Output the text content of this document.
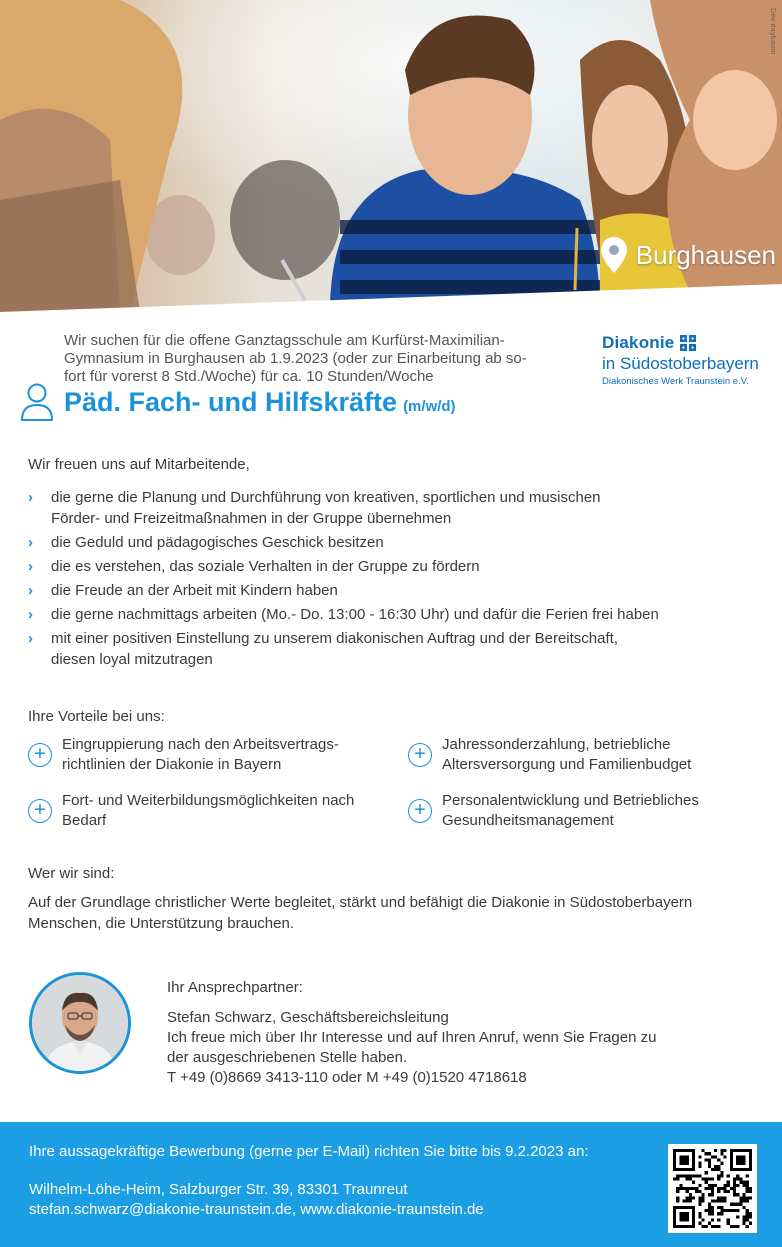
Dev daybaum
Burghausen
Wir suchen für die offene Ganztagsschule am Kurfürst-Maximilian-
Gymnasium in Burghausen ab 1.9.2023 (oder zur Einarbeitung ab so-
fort für vorerst 8 Std./Woche) für ca. 10 Stunden/Woche
Diakonie
in Südostoberbayern
Diakonisches Werk Traunstein e.V.
Päd. Fach- und Hilfskräfte (m/w/d)
Wir freuen uns auf Mitarbeitende,
› die gerne die Planung und Durchführung von kreativen, sportlichen und musischen
Förder- und Freizeitmaßnahmen in der Gruppe übernehmen
› die Geduld und pädagogisches Geschick besitzen
› die es verstehen, das soziale Verhalten in der Gruppe zu fördern
› die Freude an der Arbeit mit Kindern haben
› die gerne nachmittags arbeiten (Mo.- Do. 13:00 - 16:30 Uhr) und dafür die Ferien frei haben
› mit einer positiven Einstellung zu unserem diakonischen Auftrag und der Bereitschaft,
diesen loyal mitzutragen
Ihre Vorteile bei uns:
+	Eingruppierung nach den Arbeitsvertrags-
richtlinien der Diakonie in Bayern	+	Jahressonderzahlung, betriebliche
Altersversorgung und Familienbudget
+	Fort- und Weiterbildungsmöglichkeiten nach
Bedarf	+	Personalentwicklung und Betriebliches
Gesundheitsmanagement
Wer wir sind:
Auf der Grundlage christlicher Werte begleitet, stärkt und befähigt die Diakonie in Südostoberbayern
Menschen, die Unterstützung brauchen.
Ihr Ansprechpartner:
Stefan Schwarz, Geschäftsbereichsleitung
Ich freue mich über Ihr Interesse und auf Ihren Anruf, wenn Sie Fragen zu
der ausgeschriebenen Stelle haben.
T +49 (0)8669 3413-110 oder M +49 (0)1520 4718618
Ihre aussagekräftige Bewerbung (gerne per E-Mail) richten Sie bitte bis 9.2.2023 an:
Wilhelm-Löhe-Heim, Salzburger Str. 39, 83301 Traunreut
stefan.schwarz@diakonie-traunstein.de, www.diakonie-traunstein.de
